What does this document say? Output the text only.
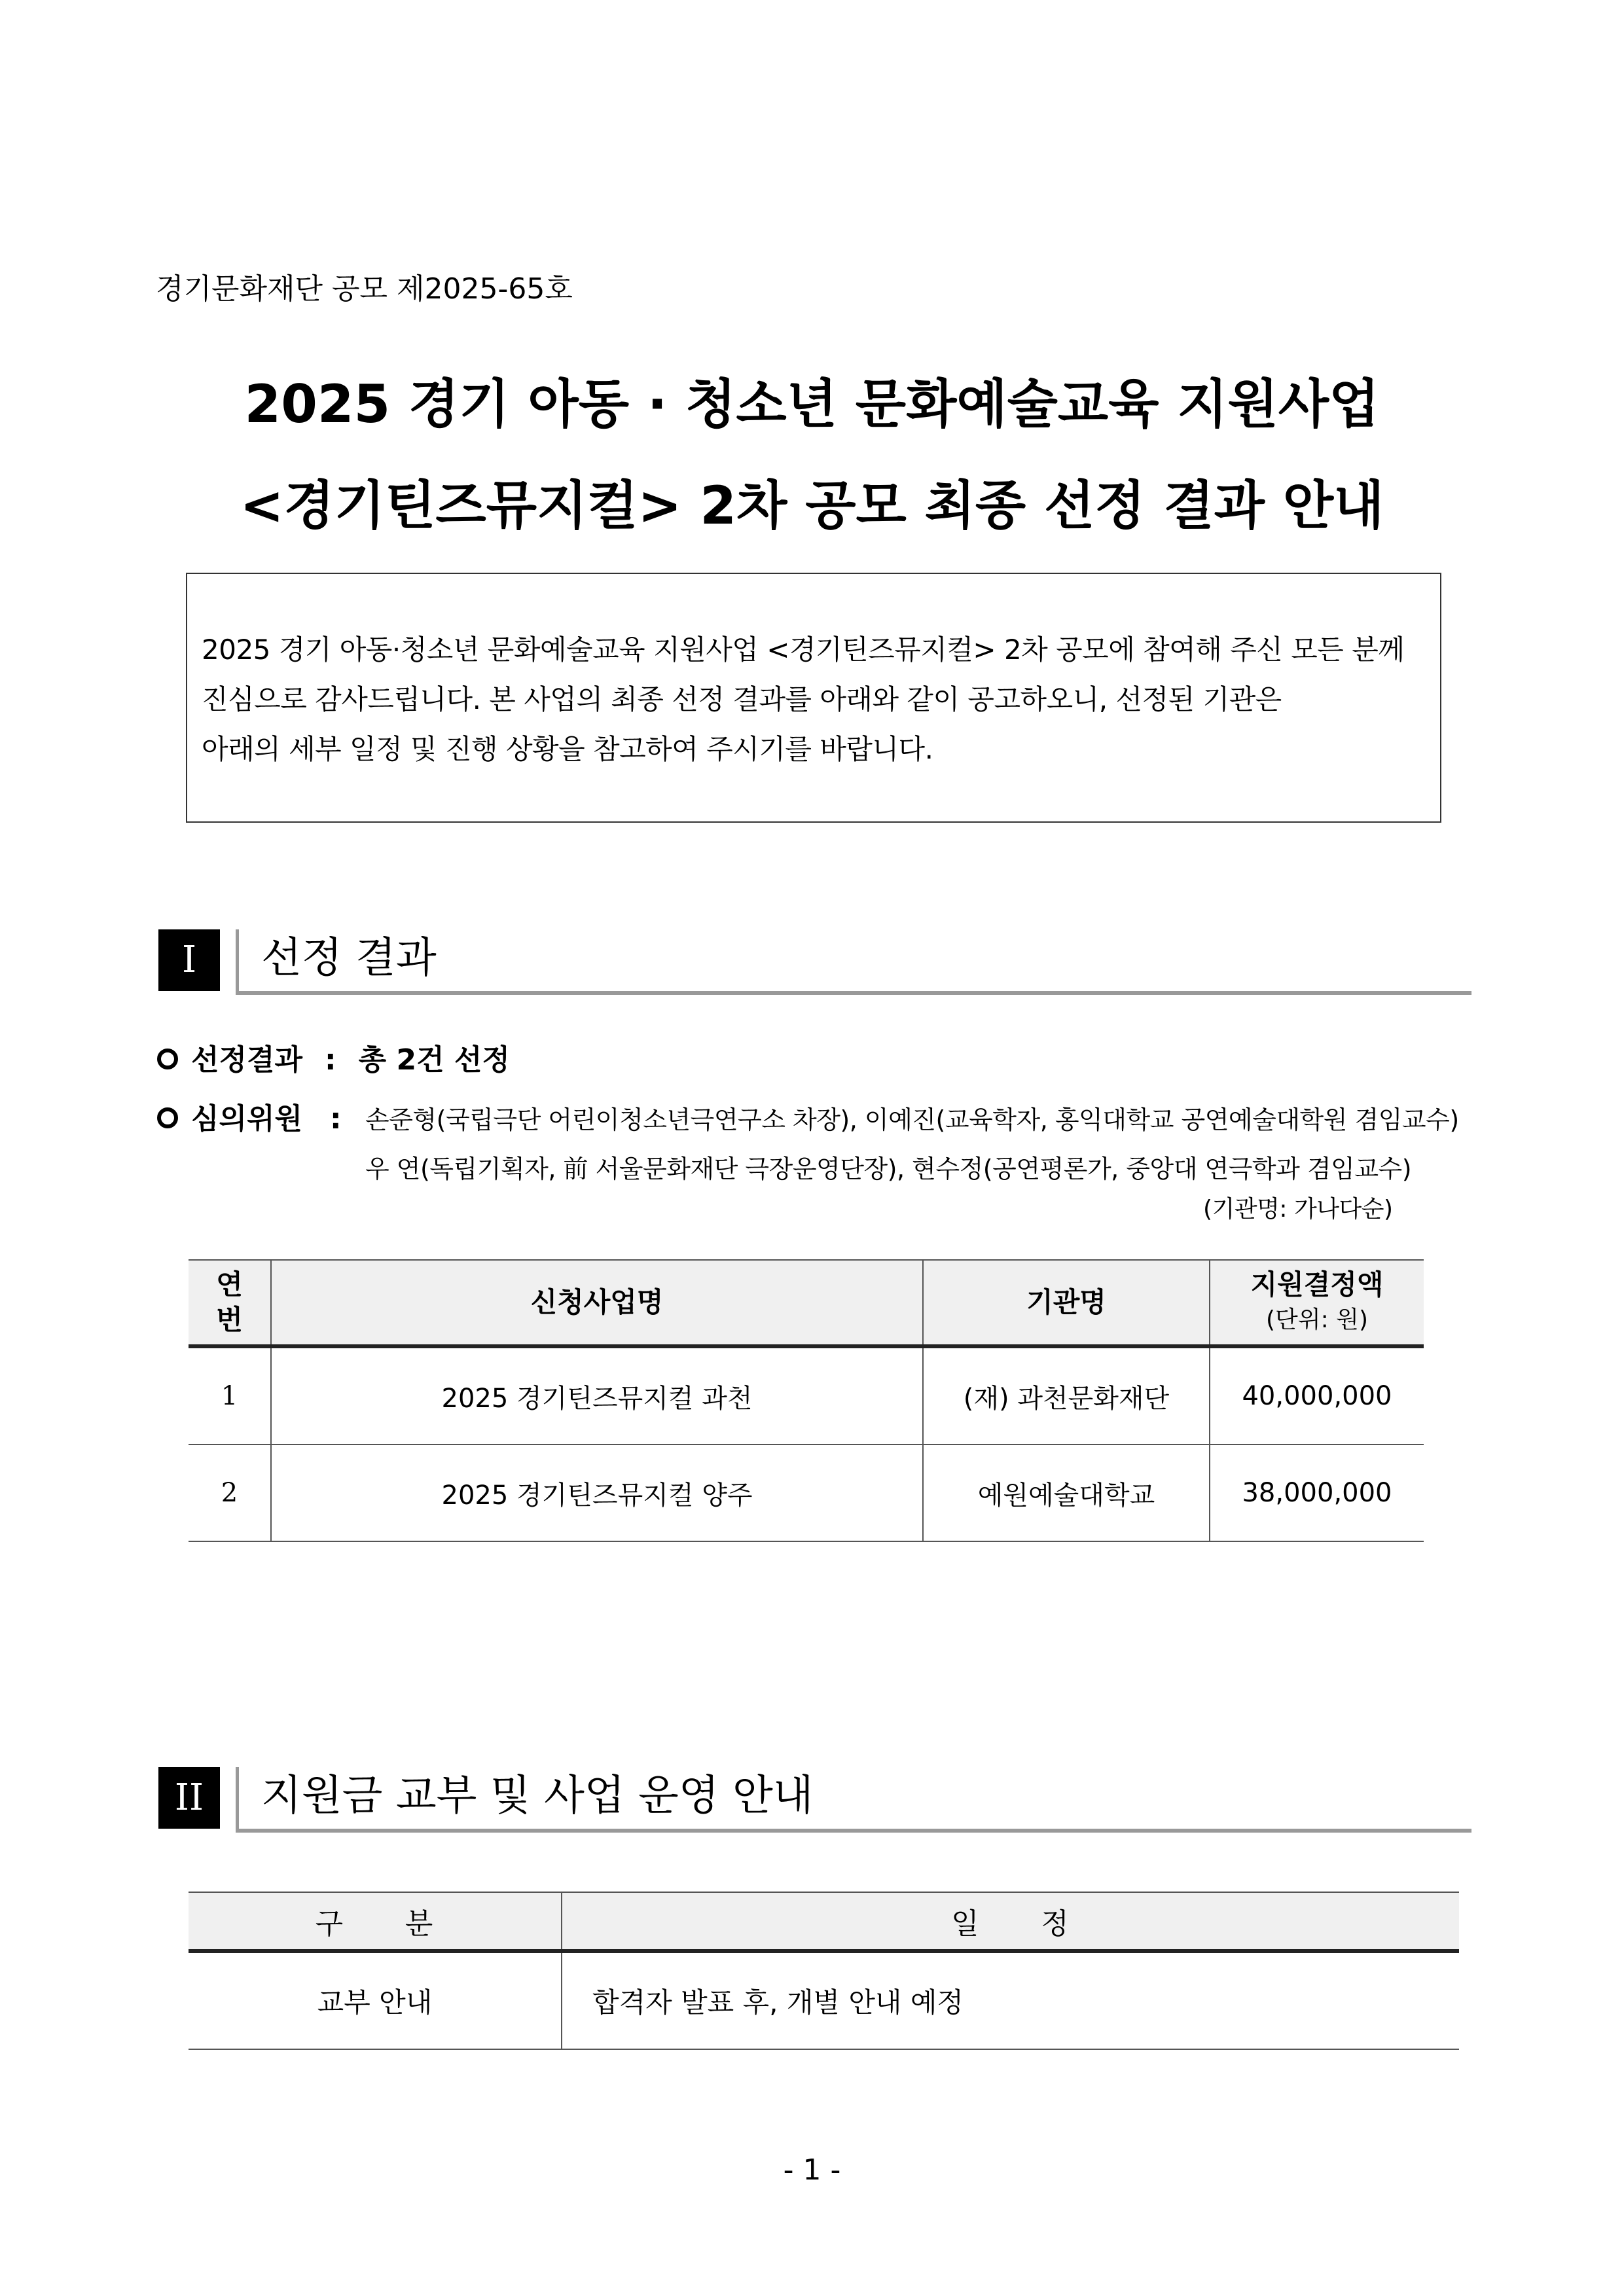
경기문화재단 공모 제2025-65호
2025 경기 아동 · 청소년 문화예술교육 지원사업
<경기틴즈뮤지컬> 2차 공모 최종 선정 결과 안내

2025 경기 아동·청소년 문화예술교육 지원사업 <경기틴즈뮤지컬> 2차 공모에 참여해 주신 모든 분께

진심으로 감사드립니다. 본 사업의 최종 선정 결과를 아래와 같이 공고하오니, 선정된 기관은

아래의 세부 일정 및 진행 상황을 참고하여 주시기를 바랍니다.

I	선정 결과
선정결과 : 총 2건 선정
심의위원 : 손준형(국립극단 어린이청소년극연구소 차장), 이예진(교육학자, 홍익대학교 공연예술대학원 겸임교수)
우 연(독립기획자, 前 서울문화재단 극장운영단장), 현수정(공연평론가, 중앙대 연극학과 겸임교수)
(기관명: 가나다순)
연
번	신청사업명	기관명	지원결정액
(단위: 원)

1	2025 경기틴즈뮤지컬 과천	(재) 과천문화재단	40,000,000
2	2025 경기틴즈뮤지컬 양주	예원예술대학교	38,000,000
II	지원금 교부 및 사업 운영 안내
구　　분	일　　정
교부 안내	합격자 발표 후, 개별 안내 예정
- 1 -
